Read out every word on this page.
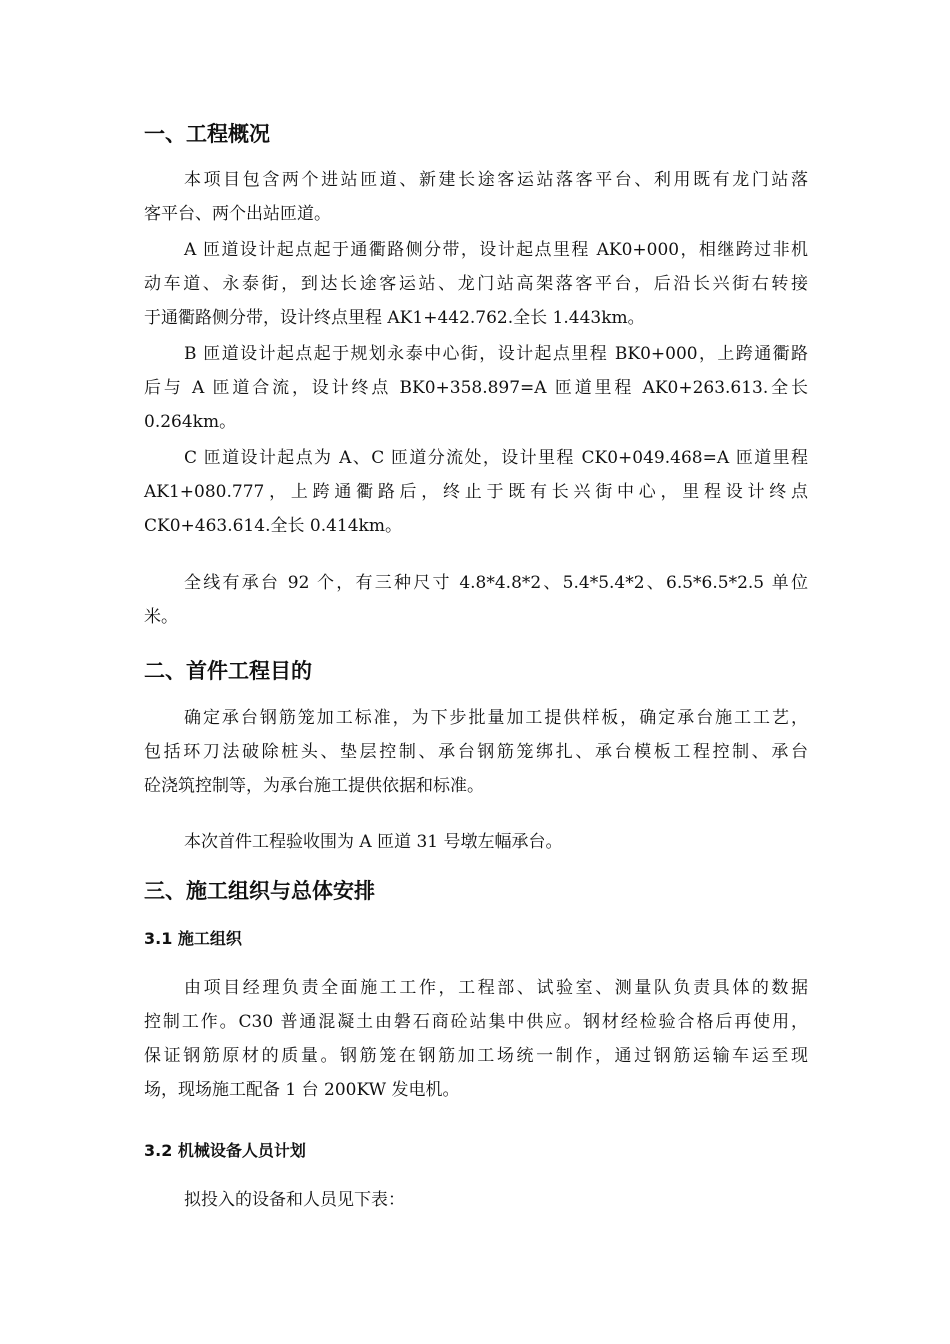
一、工程概况

本项目包含两个进站匝道、新建长途客运站落客平台、利用既有龙门站落
客平台、两个出站匝道。

A 匝道设计起点起于通衢路侧分带，设计起点里程 AK0+000，相继跨过非机
动车道、永泰街，到达长途客运站、龙门站高架落客平台，后沿长兴街右转接
于通衢路侧分带，设计终点里程 AK1+442.762.全长 1.443km。

B 匝道设计起点起于规划永泰中心街，设计起点里程 BK0+000，上跨通衢路
后与 A 匝道合流，设计终点 BK0+358.897=A 匝道里程 AK0+263.613.全长
0.264km。

C 匝道设计起点为 A、C 匝道分流处，设计里程 CK0+049.468=A 匝道里程
AK1+080.777，上跨通衢路后，终止于既有长兴街中心，里程设计终点
CK0+463.614.全长 0.414km。

全线有承台 92 个，有三种尺寸 4.8*4.8*2、5.4*5.4*2、6.5*6.5*2.5 单位
米。

二、首件工程目的

确定承台钢筋笼加工标准，为下步批量加工提供样板，确定承台施工工艺，
包括环刀法破除桩头、垫层控制、承台钢筋笼绑扎、承台模板工程控制、承台
砼浇筑控制等，为承台施工提供依据和标准。

本次首件工程验收围为 A 匝道 31 号墩左幅承台。

三、施工组织与总体安排
3.1 施工组织

由项目经理负责全面施工工作，工程部、试验室、测量队负责具体的数据
控制工作。C30 普通混凝土由磐石商砼站集中供应。钢材经检验合格后再使用，
保证钢筋原材的质量。钢筋笼在钢筋加工场统一制作，通过钢筋运输车运至现
场，现场施工配备 1 台 200KW 发电机。

3.2 机械设备人员计划

拟投入的设备和人员见下表：
